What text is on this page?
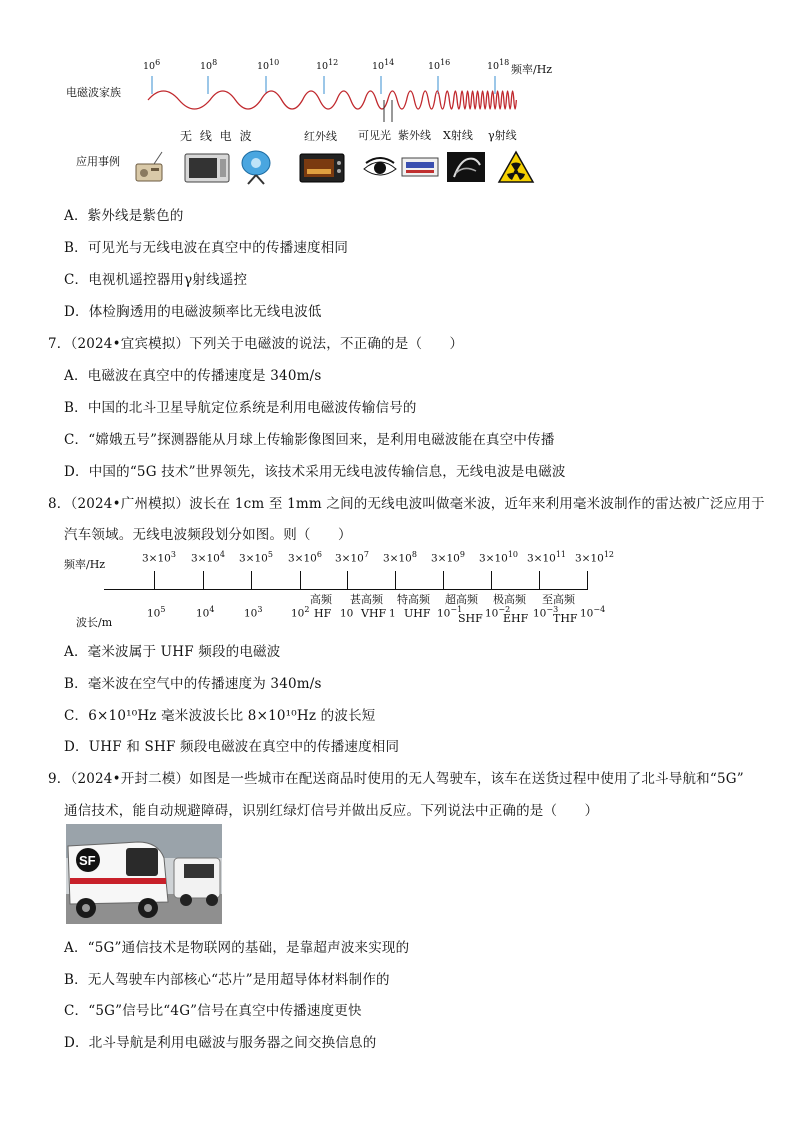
电磁波家族
$10^6$	$10^8$	$10^{10}$	$10^{12}$	$10^{14}$	$10^{16}$	$10^{18}$
频率/Hz
无 线 电 波	红外线 可见光 紫外线 X射线 γ射线
应用事例
A．紫外线是紫色的
B．可见光与无线电波在真空中的传播速度相同
C．电视机遥控器用γ射线遥控
D．体检胸透用的电磁波频率比无线电波低
7．（2024•宜宾模拟）下列关于电磁波的说法，不正确的是（　　）
A．电磁波在真空中的传播速度是 340m/s
B．中国的北斗卫星导航定位系统是利用电磁波传输信号的
C．“嫦娥五号”探测器能从月球上传输影像图回来，是利用电磁波能在真空中传播
D．中国的“5G 技术”世界领先，该技术采用无线电波传输信息，无线电波是电磁波
8．（2024•广州模拟）波长在 1cm 至 1mm 之间的无线电波叫做毫米波，近年来利用毫米波制作的雷达被广泛应用于
汽车领域。无线电波频段划分如图。则（　　）
频率/Hz
波长/m
$3\times 10^3$ $3\times 10^4$ $3\times 10^5$ $3\times 10^6$ $3\times 10^7$ $3\times 10^8$ $3\times 10^9$ $3\times 10^{10}$ $3\times 10^{11}$ $3\times 10^{12}$
$10^5$	$10^4$	$10^3$	$10^2$	10	1	$10^{-1}$ $10^{-2}$ $10^{-3}$ $10^{-4}$
高频
HF
甚高频
VHF
特高频
UHF
超高频
SHF
极高频
EHF
至高频
THF
A．毫米波属于 UHF 频段的电磁波
B．毫米波在空气中的传播速度为 340m/s
C．6×10¹⁰Hz 毫米波波长比 8×10¹⁰Hz 的波长短
D．UHF 和 SHF 频段电磁波在真空中的传播速度相同
9．（2024•开封二模）如图是一些城市在配送商品时使用的无人驾驶车，该车在送货过程中使用了北斗导航和“5G”
通信技术，能自动规避障碍，识别红绿灯信号并做出反应。下列说法中正确的是（　　）
SF
A．“5G”通信技术是物联网的基础，是靠超声波来实现的
B．无人驾驶车内部核心“芯片”是用超导体材料制作的
C．“5G”信号比“4G”信号在真空中传播速度更快
D．北斗导航是利用电磁波与服务器之间交换信息的
